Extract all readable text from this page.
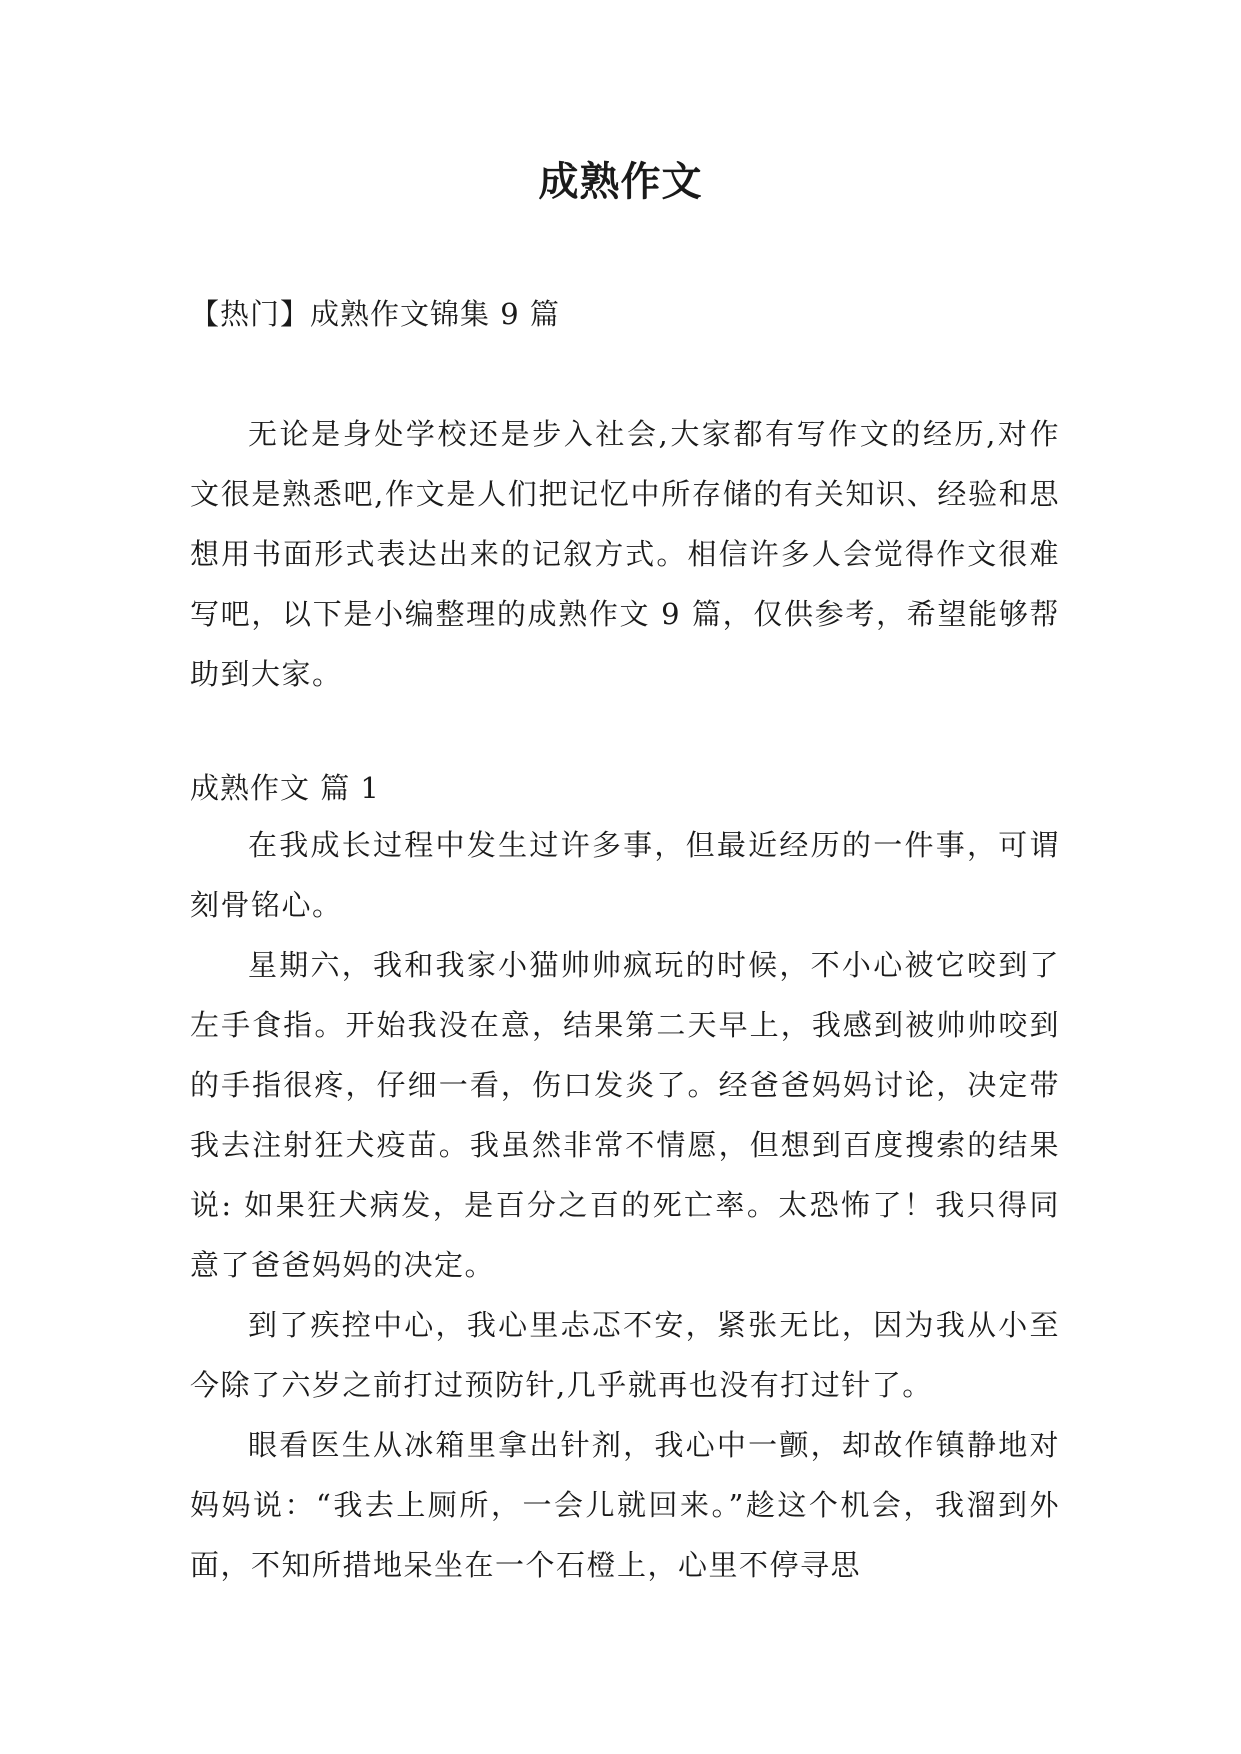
成熟作文
【热门】成熟作文锦集 9 篇

无论是身处学校还是步入社会,大家都有写作文的经历,对作文很是熟悉吧,作文是人们把记忆中所存储的有关知识、经验和思想用书面形式表达出来的记叙方式。相信许多人会觉得作文很难写吧，以下是小编整理的成熟作文 9 篇，仅供参考，希望能够帮助到大家。

成熟作文 篇 1

在我成长过程中发生过许多事，但最近经历的一件事，可谓刻骨铭心。

星期六，我和我家小猫帅帅疯玩的时候，不小心被它咬到了左手食指。开始我没在意，结果第二天早上，我感到被帅帅咬到的手指很疼，仔细一看，伤口发炎了。经爸爸妈妈讨论，决定带我去注射狂犬疫苗。我虽然非常不情愿，但想到百度搜索的结果说: 如果狂犬病发，是百分之百的死亡率。太恐怖了！我只得同意了爸爸妈妈的决定。

到了疾控中心，我心里忐忑不安，紧张无比，因为我从小至今除了六岁之前打过预防针,几乎就再也没有打过针了。

眼看医生从冰箱里拿出针剂，我心中一颤，却故作镇静地对妈妈说：“我去上厕所，一会儿就回来。”趁这个机会，我溜到外面，不知所措地呆坐在一个石橙上，心里不停寻思
